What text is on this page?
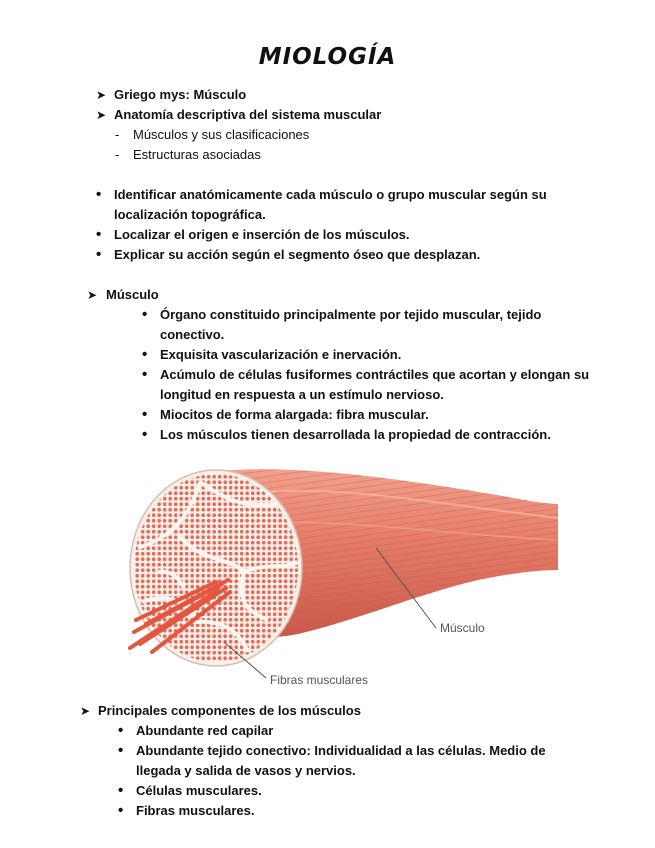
MIOLOGÍA
➤ Griego mys: Músculo
➤ Anatomía descriptiva del sistema muscular
- Músculos y sus clasificaciones
- Estructuras asociadas
• Identificar anatómicamente cada músculo o grupo muscular según su
localización topográfica.
• Localizar el origen e inserción de los músculos.
• Explicar su acción según el segmento óseo que desplazan.
➤ Músculo
• Órgano constituido principalmente por tejido muscular, tejido
conectivo.
• Exquisita vascularización e inervación.
• Acúmulo de células fusiformes contráctiles que acortan y elongan su
longitud en respuesta a un estímulo nervioso.
• Miocitos de forma alargada: fibra muscular.
• Los músculos tienen desarrollada la propiedad de contracción.
Músculo
Fibras musculares
➤ Principales componentes de los músculos
• Abundante red capilar
• Abundante tejido conectivo: Individualidad a las células. Medio de
llegada y salida de vasos y nervios.
• Células musculares.
• Fibras musculares.
